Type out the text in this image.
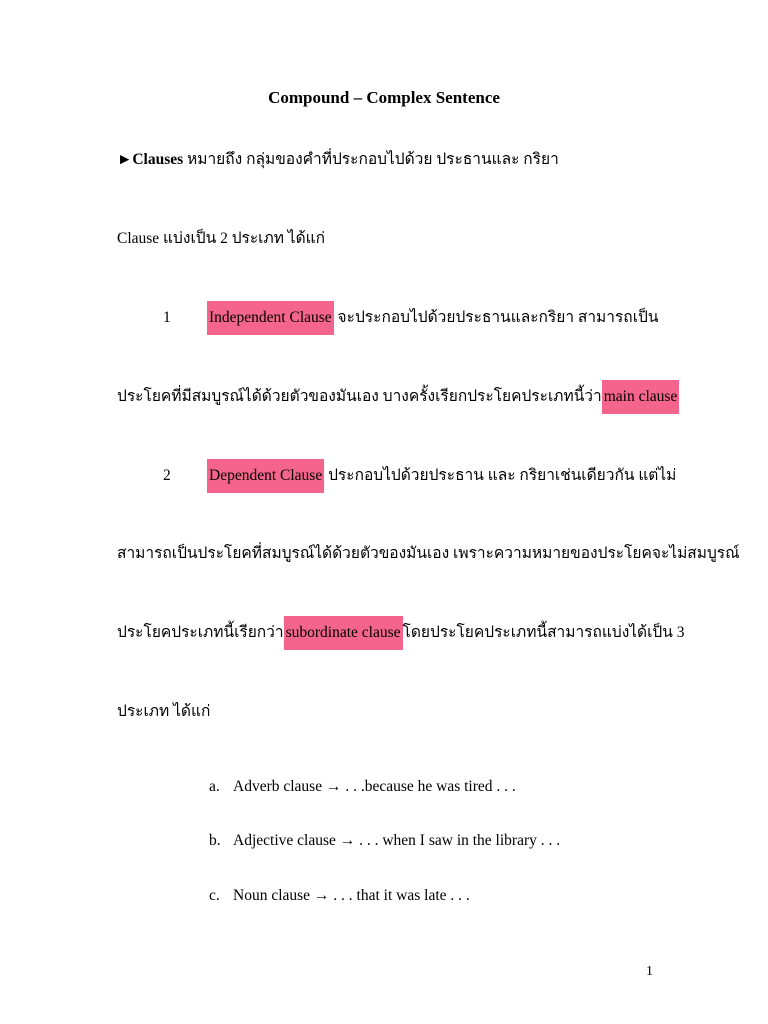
Compound – Complex Sentence
►Clauses หมายถึง กลุ่มของคำที่ประกอบไปด้วย ประธานและ กริยา
Clause แบ่งเป็น 2 ประเภท ได้แก่
1 Independent Clause จะประกอบไปด้วยประธานและกริยา สามารถเป็น
ประโยคที่มีสมบูรณ์ได้ด้วยตัวของมันเอง บางครั้งเรียกประโยคประเภทนี้ว่า main clause
2 Dependent Clause ประกอบไปด้วยประธาน และ กริยาเช่นเดียวกัน แต่ไม่
สามารถเป็นประโยคที่สมบูรณ์ได้ด้วยตัวของมันเอง เพราะความหมายของประโยคจะไม่สมบูรณ์
ประโยคประเภทนี้เรียกว่า subordinate clause โดยประโยคประเภทนี้สามารถแบ่งได้เป็น 3
ประเภท ได้แก่
a. Adverb clause → . . .because he was tired . . .
b. Adjective clause → . . . when I saw in the library . . .
c. Noun clause → . . . that it was late . . .
1
